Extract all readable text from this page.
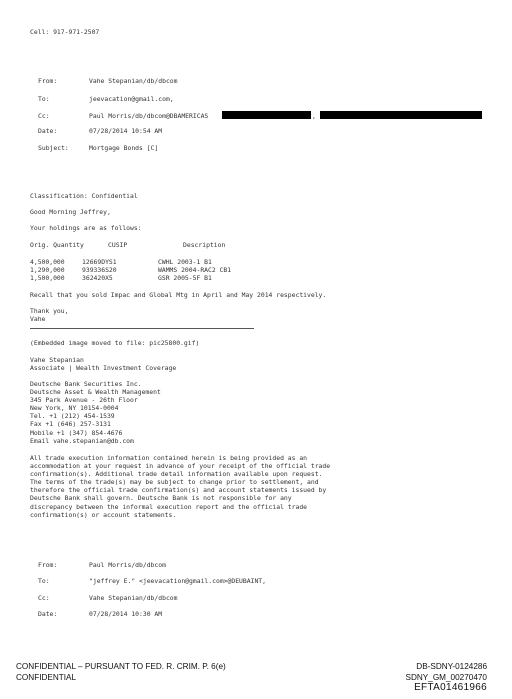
Cell: 917-971-2507
From:	Vahe Stepanian/db/dbcom
To:	jeevacation@gmail.com,
Cc:	Paul Morris/db/dbcom@DBAMERICAS	,
Date:	07/28/2014 10:54 AM
Subject:	Mortgage Bonds [C]
Classification: Confidential
Good Morning Jeffrey,
Your holdings are as follows:
Orig. Quantity	CUSIP	Description
4,500,000	12669DYS1	CWHL 2003-1 B1
1,290,000	939336S20	WAMMS 2004-RAC2 CB1
1,500,000	362420X5	GSR 2005-5F B1
Recall that you sold Impac and Global Mtg in April and May 2014 respectively.
Thank you,
Vahe
(Embedded image moved to file: pic25800.gif)
Vahe Stepanian
Associate | Wealth Investment Coverage
Deutsche Bank Securities Inc.
Deutsche Asset & Wealth Management
345 Park Avenue - 26th Floor
New York, NY 10154-0004
Tel. +1 (212) 454-1539
Fax +1 (646) 257-3131
Mobile +1 (347) 854-4676
Email vahe.stepanian@db.com
All trade execution information contained herein is being provided as an
accommodation at your request in advance of your receipt of the official trade
confirmation(s). Additional trade detail information available upon request.
The terms of the trade(s) may be subject to change prior to settlement, and
therefore the official trade confirmation(s) and account statements issued by
Deutsche Bank shall govern. Deutsche Bank is not responsible for any
discrepancy between the informal execution report and the official trade
confirmation(s) or account statements.
From:	Paul Morris/db/dbcom
To:	"jeffrey E." <jeevacation@gmail.com>@DEUBAINT,
Cc:	Vahe Stepanian/db/dbcom
Date:	07/28/2014 10:30 AM
CONFIDENTIAL – PURSUANT TO FED. R. CRIM. P. 6(e)
CONFIDENTIAL
DB-SDNY-0124286
SDNY_GM_00270470
EFTA01461966
